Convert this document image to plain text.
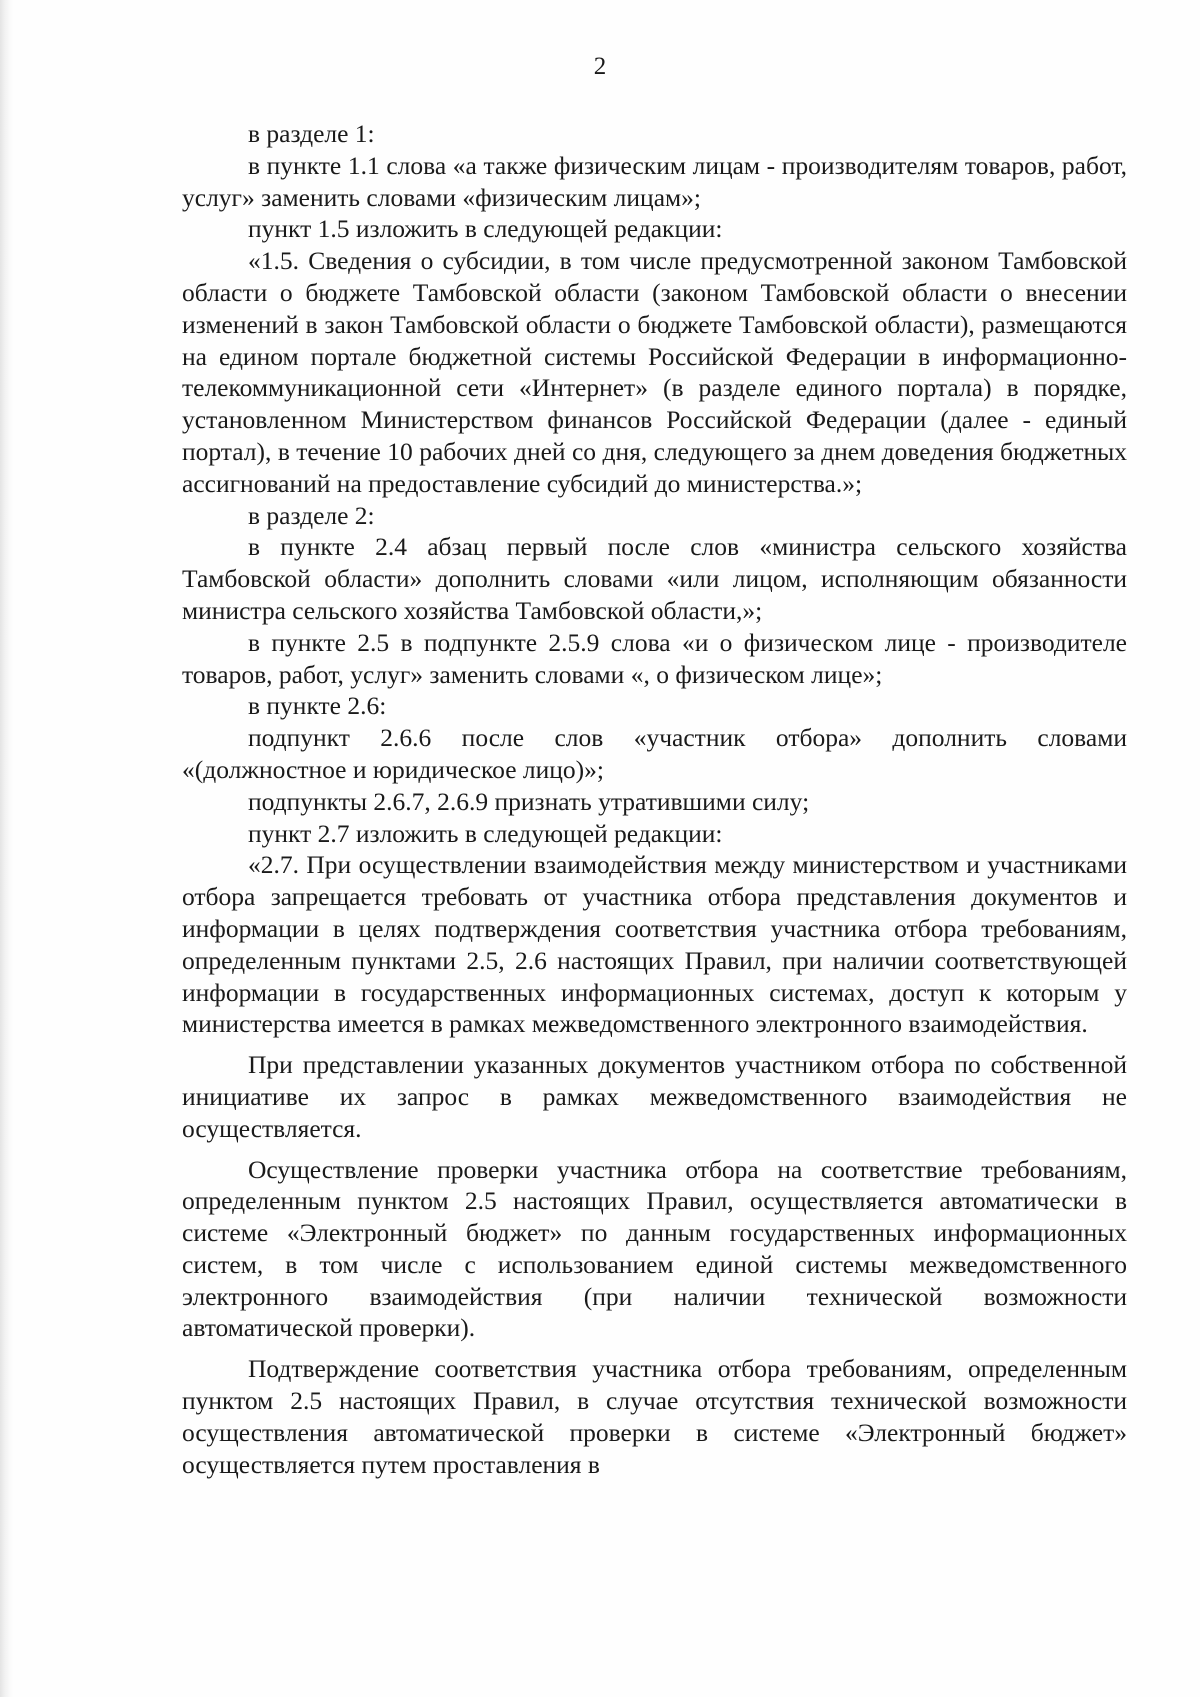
2

в разделе 1:

в пункте 1.1 слова «а также физическим лицам - производителям товаров, работ, услуг» заменить словами «физическим лицам»;

пункт 1.5 изложить в следующей редакции:

«1.5. Сведения о субсидии, в том числе предусмотренной законом Тамбовской области о бюджете Тамбовской области (законом Тамбовской области о внесении изменений в закон Тамбовской области о бюджете Тамбовской области), размещаются на едином портале бюджетной системы Российской Федерации в информационно-телекоммуникационной сети «Интернет» (в разделе единого портала) в порядке, установленном Министерством финансов Российской Федерации (далее - единый портал), в течение 10 рабочих дней со дня, следующего за днем доведения бюджетных ассигнований на предоставление субсидий до министерства.»;

в разделе 2:

в пункте 2.4 абзац первый после слов «министра сельского хозяйства Тамбовской области» дополнить словами «или лицом, исполняющим обязанности министра сельского хозяйства Тамбовской области,»;

в пункте 2.5 в подпункте 2.5.9 слова «и о физическом лице - производителе товаров, работ, услуг» заменить словами «, о физическом лице»;

в пункте 2.6:

подпункт 2.6.6 после слов «участник отбора» дополнить словами «(должностное и юридическое лицо)»;

подпункты 2.6.7, 2.6.9 признать утратившими силу;

пункт 2.7 изложить в следующей редакции:

«2.7. При осуществлении взаимодействия между министерством и участниками отбора запрещается требовать от участника отбора представления документов и информации в целях подтверждения соответствия участника отбора требованиям, определенным пунктами 2.5, 2.6 настоящих Правил, при наличии соответствующей информации в государственных информационных системах, доступ к которым у министерства имеется в рамках межведомственного электронного взаимодействия.

При представлении указанных документов участником отбора по собственной инициативе их запрос в рамках межведомственного взаимодействия не осуществляется.

Осуществление проверки участника отбора на соответствие требованиям, определенным пунктом 2.5 настоящих Правил, осуществляется автоматически в системе «Электронный бюджет» по данным государственных информационных систем, в том числе с использованием единой системы межведомственного электронного взаимодействия (при наличии технической возможности автоматической проверки).

Подтверждение соответствия участника отбора требованиям, определенным пунктом 2.5 настоящих Правил, в случае отсутствия технической возможности осуществления автоматической проверки в системе «Электронный бюджет» осуществляется путем проставления в
